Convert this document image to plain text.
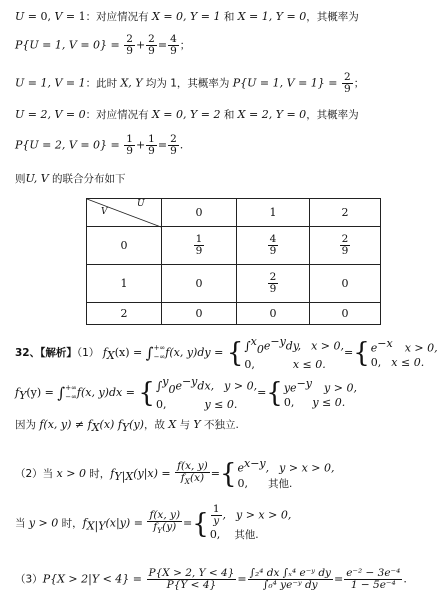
U = 0, V = 1：对应情况有 X = 0, Y = 1 和 X = 1, Y = 0，其概率为
P{U = 1, $V = 0\} = \frac{2}{9} + \frac{2}{9} = \frac{4}{9}$ ；
U = 1, V = 1：此时 X, Y 均为 1，其概率为 P{U = 1, $V = 1\} = \frac{2}{9}$ ；
U = 2, V = 0：对应情况有 X = 0, Y = 2 和 X = 2, Y = 0，其概率为
P{U = 2, $V = 0\} = \frac{1}{9} + \frac{1}{9} = \frac{2}{9}$ .
则U, V 的联合分布如下
V
U	0	1	2
0	$\frac{1}{9}$	$\frac{4}{9}$	$\frac{2}{9}$

1	0	$\frac{2}{9}$	0
2	0	0	0
32、【解析】（1） $f_X(x)$ = ∫ +∞
−∞ f(x, y)dy = { $\int^x_0e^{-y}dy$, x > 0,
0,	x ≤ 0.
={ $e^{-x}$ x > 0,
0, x ≤ 0.
$f_Y(y)$ = ∫ +∞
−∞ f(x, y)dx = { $\int^y_0e^{-y}dx$, y > 0,
0,	y ≤ 0.
={ $ye^{-y}$ y > 0,
0, y ≤ 0.
因为 f(x, $y) \ne f_X(x)$ $f_Y(y)$，故 X 与 Y 不独立.
（2）当 x > 0 时，$f_{Y|X}(y|x) = \frac{f(x, y)}{f_X(x)}$ ={ $e^{x-y}$, y > x > 0,
0, 其他.
当 y > 0 时，$f_{X|Y}(x|y) = \frac{f(x, y)}{f_Y(y)}$ ={ $\frac{1}{y}$ , y > x > 0,
0, 其他.
$(3)P\{X > 2|Y < 4\} = \frac{P\{X > 2, Y < 4\}}{P\{Y < 4\}} = \frac{\text{∫₂⁴ dx ∫ₓ⁴ e⁻ʸ dy}}{\text{∫₀⁴ ye⁻ʸ dy}} = \frac{\text{e⁻² − 3e⁻⁴}}{\text{1 − 5e⁻⁴}}$ .
